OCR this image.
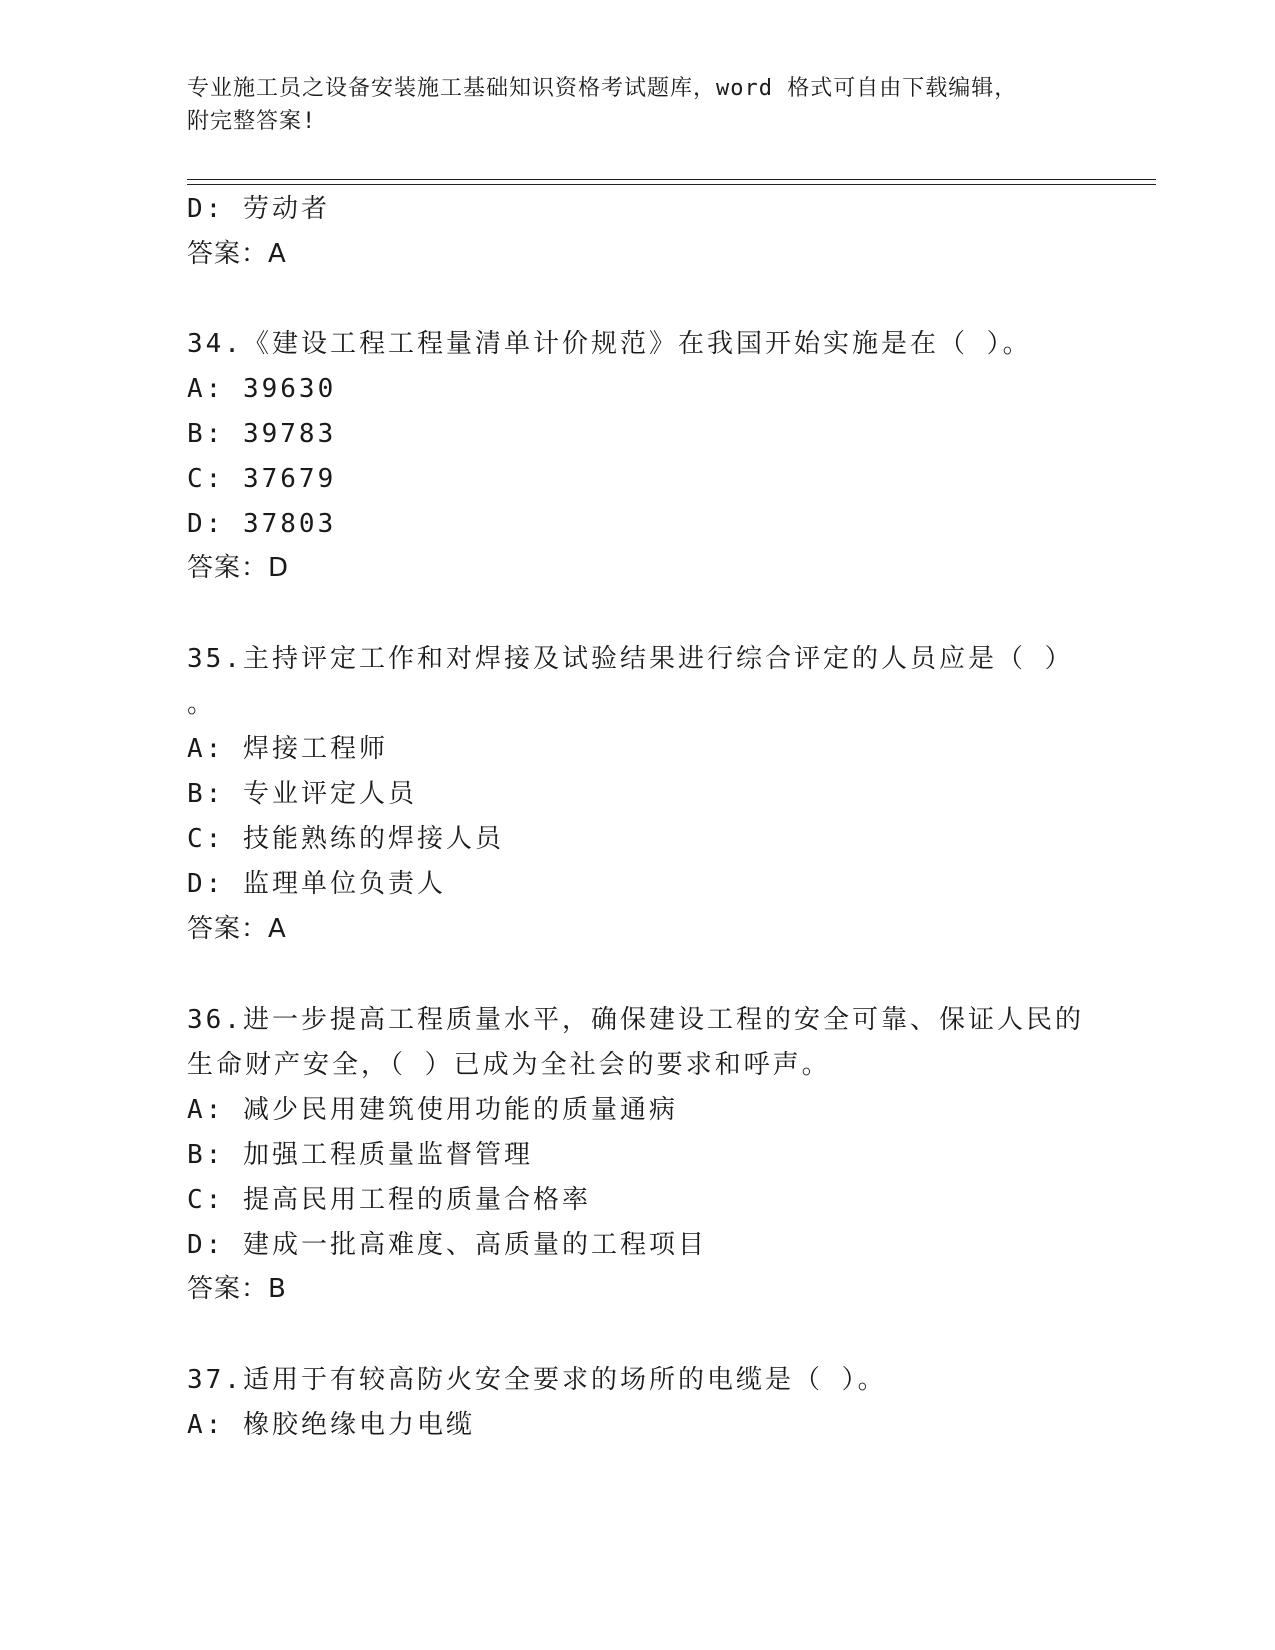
专业施工员之设备安装施工基础知识资格考试题库，word 格式可自由下载编辑，
附完整答案!
D: 劳动者
答案：A
34.《建设工程工程量清单计价规范》在我国开始实施是在（ ）。
A: 39630
B: 39783
C: 37679
D: 37803
答案：D
35.主持评定工作和对焊接及试验结果进行综合评定的人员应是（ ）
。
A: 焊接工程师
B: 专业评定人员
C: 技能熟练的焊接人员
D: 监理单位负责人
答案：A
36.进一步提高工程质量水平，确保建设工程的安全可靠、保证人民的
生命财产安全，（ ）已成为全社会的要求和呼声。
A: 减少民用建筑使用功能的质量通病
B: 加强工程质量监督管理
C: 提高民用工程的质量合格率
D: 建成一批高难度、高质量的工程项目
答案：B
37.适用于有较高防火安全要求的场所的电缆是（ ）。
A: 橡胶绝缘电力电缆
